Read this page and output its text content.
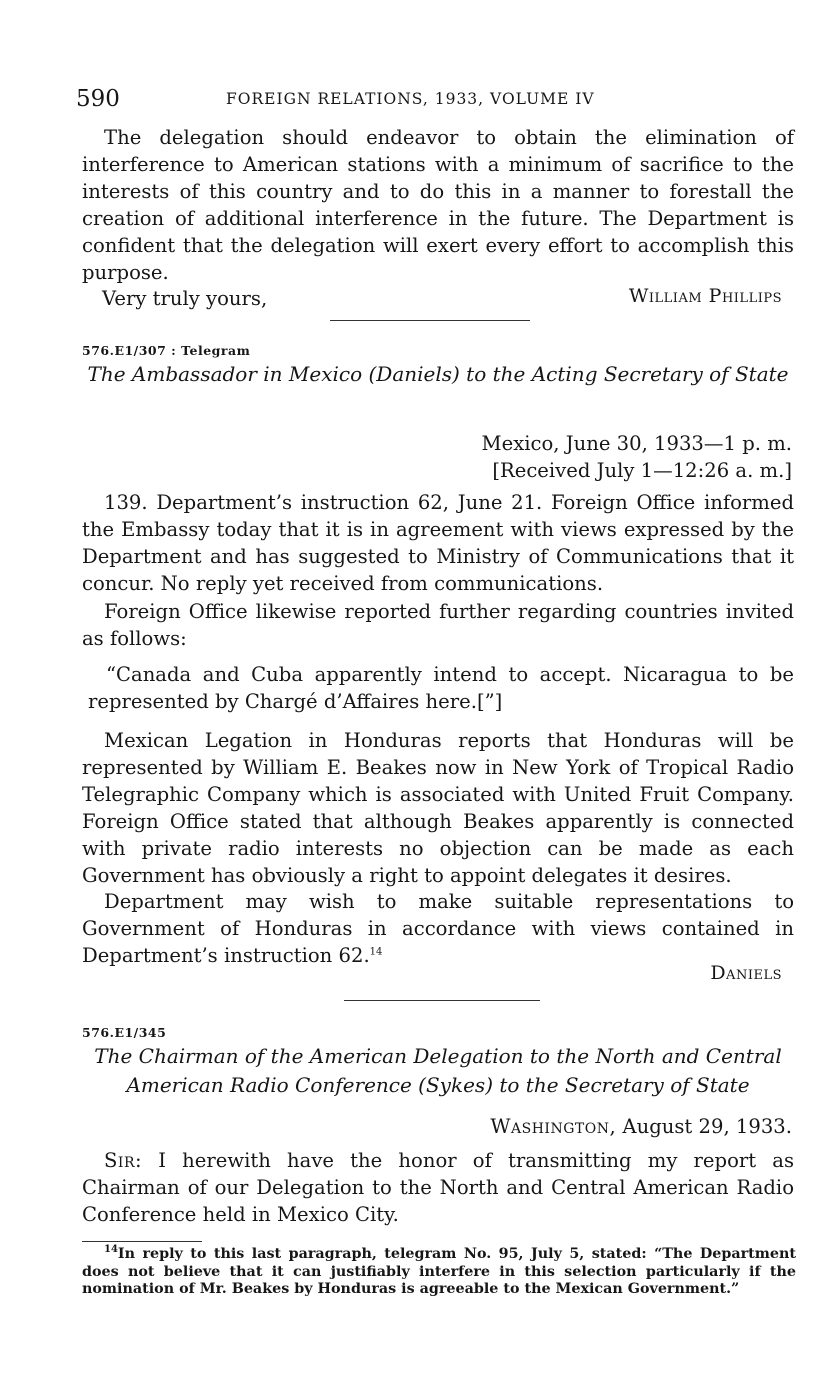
590	FOREIGN RELATIONS, 1933, VOLUME IV

The delegation should endeavor to obtain the elimination of interference to American stations with a minimum of sacrifice to the interests of this country and to do this in a manner to forestall the creation of additional interference in the future. The Department is confident that the delegation will exert every effort to accomplish this purpose.

Very truly yours,	William Phillips
576.E1/307 : Telegram

The Ambassador in Mexico (Daniels) to the Acting Secretary of State

Mexico, June 30, 1933—1 p. m.
[Received July 1—12:26 a. m.]

139. Department’s instruction 62, June 21. Foreign Office informed the Embassy today that it is in agreement with views expressed by the Department and has suggested to Ministry of Communications that it concur. No reply yet received from communications.

Foreign Office likewise reported further regarding countries invited as follows:

“Canada and Cuba apparently intend to accept. Nicaragua to be represented by Chargé d’Affaires here.[”]

Mexican Legation in Honduras reports that Honduras will be represented by William E. Beakes now in New York of Tropical Radio Telegraphic Company which is associated with United Fruit Company. Foreign Office stated that although Beakes apparently is connected with private radio interests no objection can be made as each Government has obviously a right to appoint delegates it desires.

Department may wish to make suitable representations to Government of Honduras in accordance with views contained in Department’s instruction 62.14

Daniels
576.E1/345

The Chairman of the American Delegation to the North and Central American Radio Conference (Sykes) to the Secretary of State

Washington, August 29, 1933.

Sir: I herewith have the honor of transmitting my report as Chairman of our Delegation to the North and Central American Radio Conference held in Mexico City.

$^{14}$In reply to this last paragraph, telegram No. 95, July 5, stated: “The Department does not believe that it can justifiably interfere in this selection particularly if the nomination of Mr. Beakes by Honduras is agreeable to the Mexican Government.”
